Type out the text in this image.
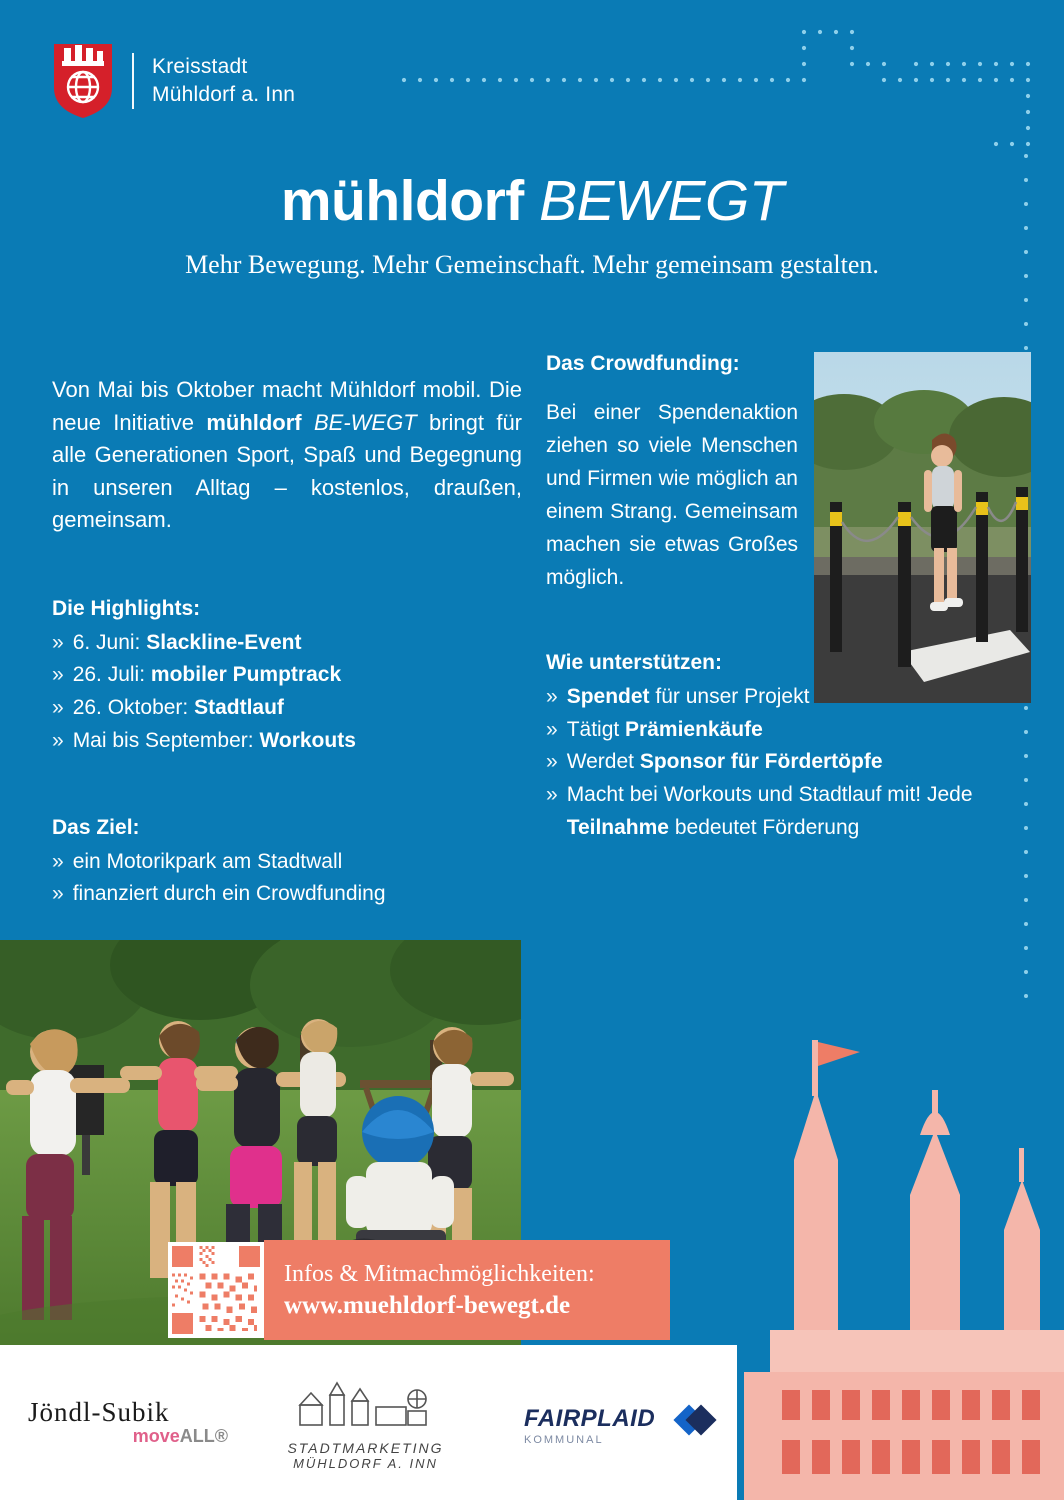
Kreisstadt
Mühldorf a. Inn
mühldorf BEWEGT
Mehr Bewegung. Mehr Gemeinschaft. Mehr gemeinsam gestalten.

Von Mai bis Oktober macht Mühldorf mobil. Die neue Initiative mühldorf BE-WEGT bringt für alle Generationen Sport, Spaß und Begegnung in unseren Alltag – kostenlos, draußen, gemeinsam.

Die Highlights:
» 6. Juni: Slackline-Event
» 26. Juli: mobiler Pumptrack
» 26. Oktober: Stadtlauf
» Mai bis September: Workouts
Das Ziel:
» ein Motorikpark am Stadtwall
» finanziert durch ein Crowdfunding
Das Crowdfunding:

Bei einer Spendenaktion ziehen so viele Menschen und Firmen wie möglich an einem Strang. Gemeinsam machen sie etwas Großes möglich.

Wie unterstützen:
» Spendet für unser Projekt
» Tätigt Prämienkäufe
» Werdet Sponsor für Fördertöpfe
» Macht bei Workouts und Stadtlauf mit! Jede Teilnahme bedeutet Förderung
Infos & Mitmachmöglichkeiten:
www.muehldorf-bewegt.de
Jöndl-Subik
moveALL®
STADTMARKETING
MÜHLDORF A. INN
FAIRPLAID
KOMMUNAL
